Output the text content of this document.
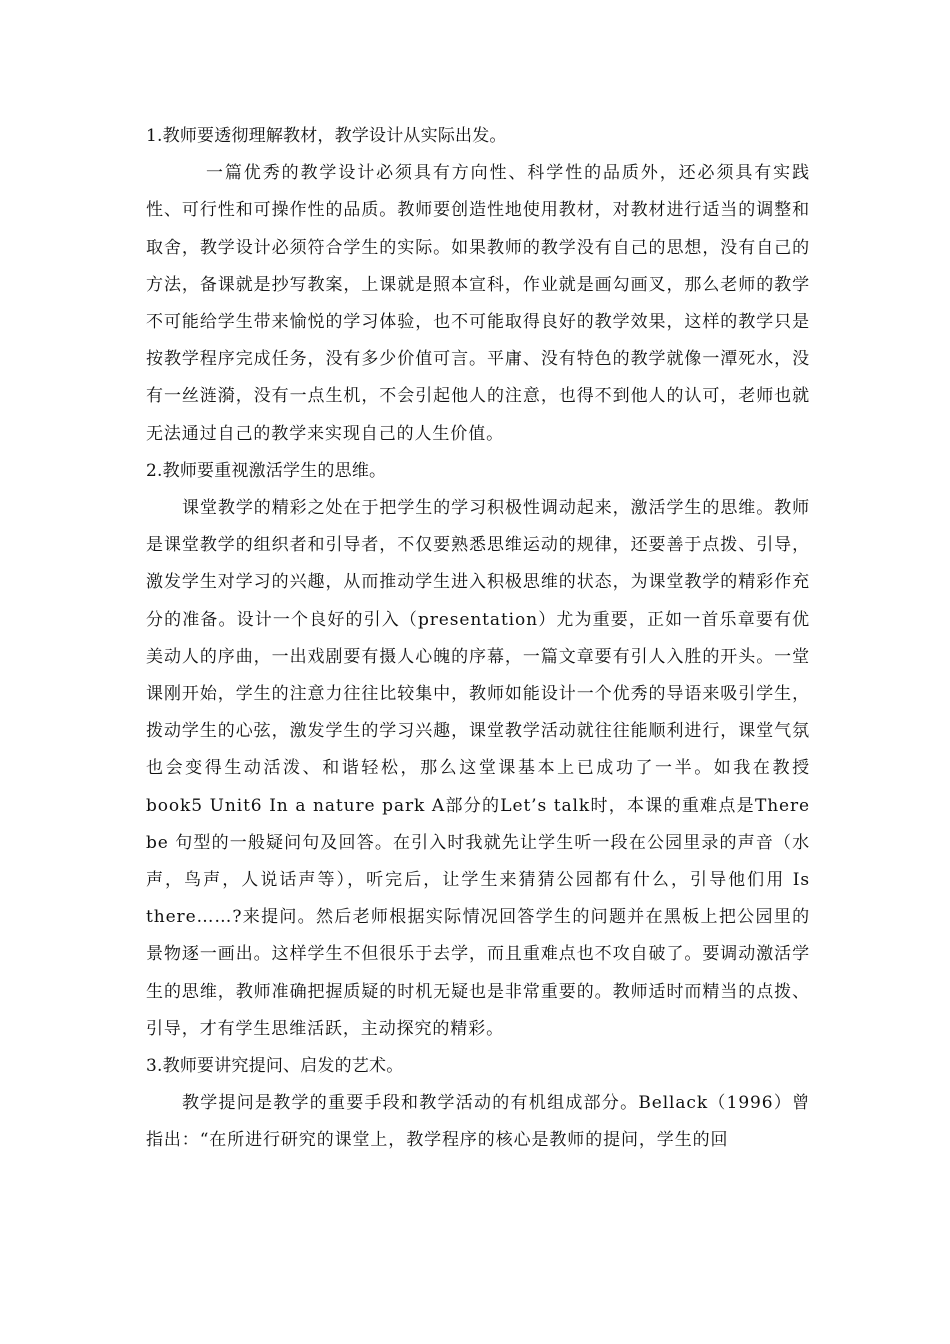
1.教师要透彻理解教材，教学设计从实际出发。

一篇优秀的教学设计必须具有方向性、科学性的品质外，还必须具有实践性、可行性和可操作性的品质。教师要创造性地使用教材，对教材进行适当的调整和取舍，教学设计必须符合学生的实际。如果教师的教学没有自己的思想，没有自己的方法，备课就是抄写教案，上课就是照本宣科，作业就是画勾画叉，那么老师的教学不可能给学生带来愉悦的学习体验，也不可能取得良好的教学效果，这样的教学只是按教学程序完成任务，没有多少价值可言。平庸、没有特色的教学就像一潭死水，没有一丝涟漪，没有一点生机，不会引起他人的注意，也得不到他人的认可，老师也就无法通过自己的教学来实现自己的人生价值。

2.教师要重视激活学生的思维。

课堂教学的精彩之处在于把学生的学习积极性调动起来，激活学生的思维。教师是课堂教学的组织者和引导者，不仅要熟悉思维运动的规律，还要善于点拨、引导，激发学生对学习的兴趣，从而推动学生进入积极思维的状态，为课堂教学的精彩作充分的准备。设计一个良好的引入（presentation）尤为重要，正如一首乐章要有优美动人的序曲，一出戏剧要有摄人心魄的序幕，一篇文章要有引人入胜的开头。一堂课刚开始，学生的注意力往往比较集中，教师如能设计一个优秀的导语来吸引学生，拨动学生的心弦，激发学生的学习兴趣，课堂教学活动就往往能顺利进行，课堂气氛也会变得生动活泼、和谐轻松，那么这堂课基本上已成功了一半。如我在教授book5 Unit6 In a nature park A部分的Let’s talk时，本课的重难点是There be 句型的一般疑问句及回答。在引入时我就先让学生听一段在公园里录的声音（水声，鸟声，人说话声等），听完后，让学生来猜猜公园都有什么，引导他们用 Is there……?来提问。然后老师根据实际情况回答学生的问题并在黑板上把公园里的景物逐一画出。这样学生不但很乐于去学，而且重难点也不攻自破了。要调动激活学生的思维，教师准确把握质疑的时机无疑也是非常重要的。教师适时而精当的点拨、引导，才有学生思维活跃，主动探究的精彩。

3.教师要讲究提问、启发的艺术。

教学提问是教学的重要手段和教学活动的有机组成部分。Bellack（1996）曾指出：“在所进行研究的课堂上，教学程序的核心是教师的提问，学生的回
